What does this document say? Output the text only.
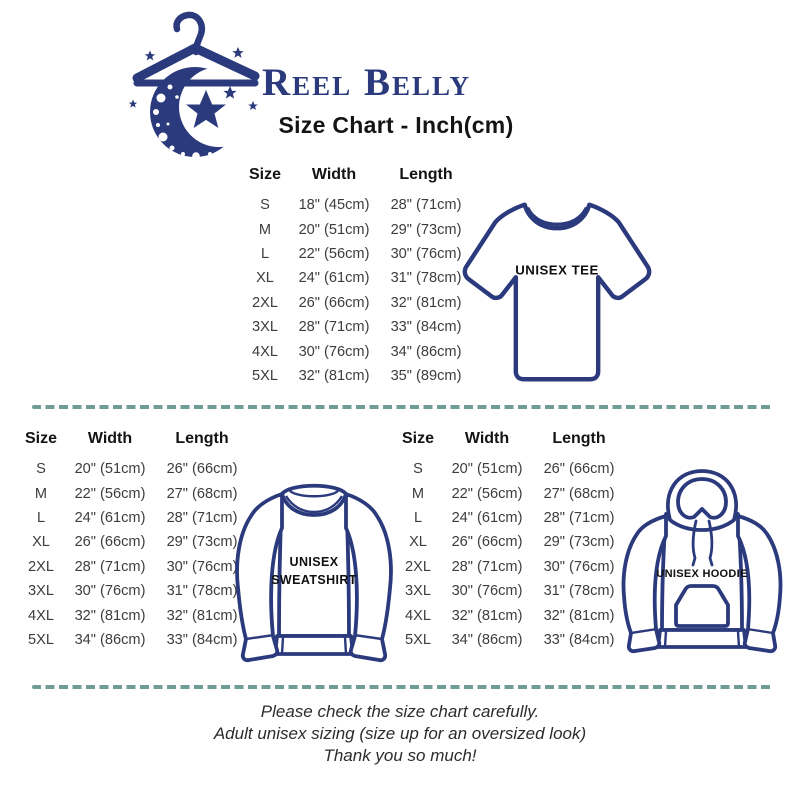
Reel Belly
Size Chart - Inch(cm)
Size	Width	Length
S	18" (45cm)	28" (71cm)
M	20" (51cm)	29" (73cm)
L	22" (56cm)	30" (76cm)
XL	24" (61cm)	31" (78cm)
2XL	26" (66cm)	32" (81cm)
3XL	28" (71cm)	33" (84cm)
4XL	30" (76cm)	34" (86cm)
5XL	32" (81cm)	35" (89cm)
UNISEX TEE
Size	Width	Length
S	20" (51cm)	26" (66cm)
M	22" (56cm)	27" (68cm)
L	24" (61cm)	28" (71cm)
XL	26" (66cm)	29" (73cm)
2XL	28" (71cm)	30" (76cm)
3XL	30" (76cm)	31" (78cm)
4XL	32" (81cm)	32" (81cm)
5XL	34" (86cm)	33" (84cm)
UNISEX
SWEATSHIRT
Size	Width	Length
S	20" (51cm)	26" (66cm)
M	22" (56cm)	27" (68cm)
L	24" (61cm)	28" (71cm)
XL	26" (66cm)	29" (73cm)
2XL	28" (71cm)	30" (76cm)
3XL	30" (76cm)	31" (78cm)
4XL	32" (81cm)	32" (81cm)
5XL	34" (86cm)	33" (84cm)
UNISEX HOODIE
Please check the size chart carefully.
Adult unisex sizing (size up for an oversized look)
Thank you so much!
